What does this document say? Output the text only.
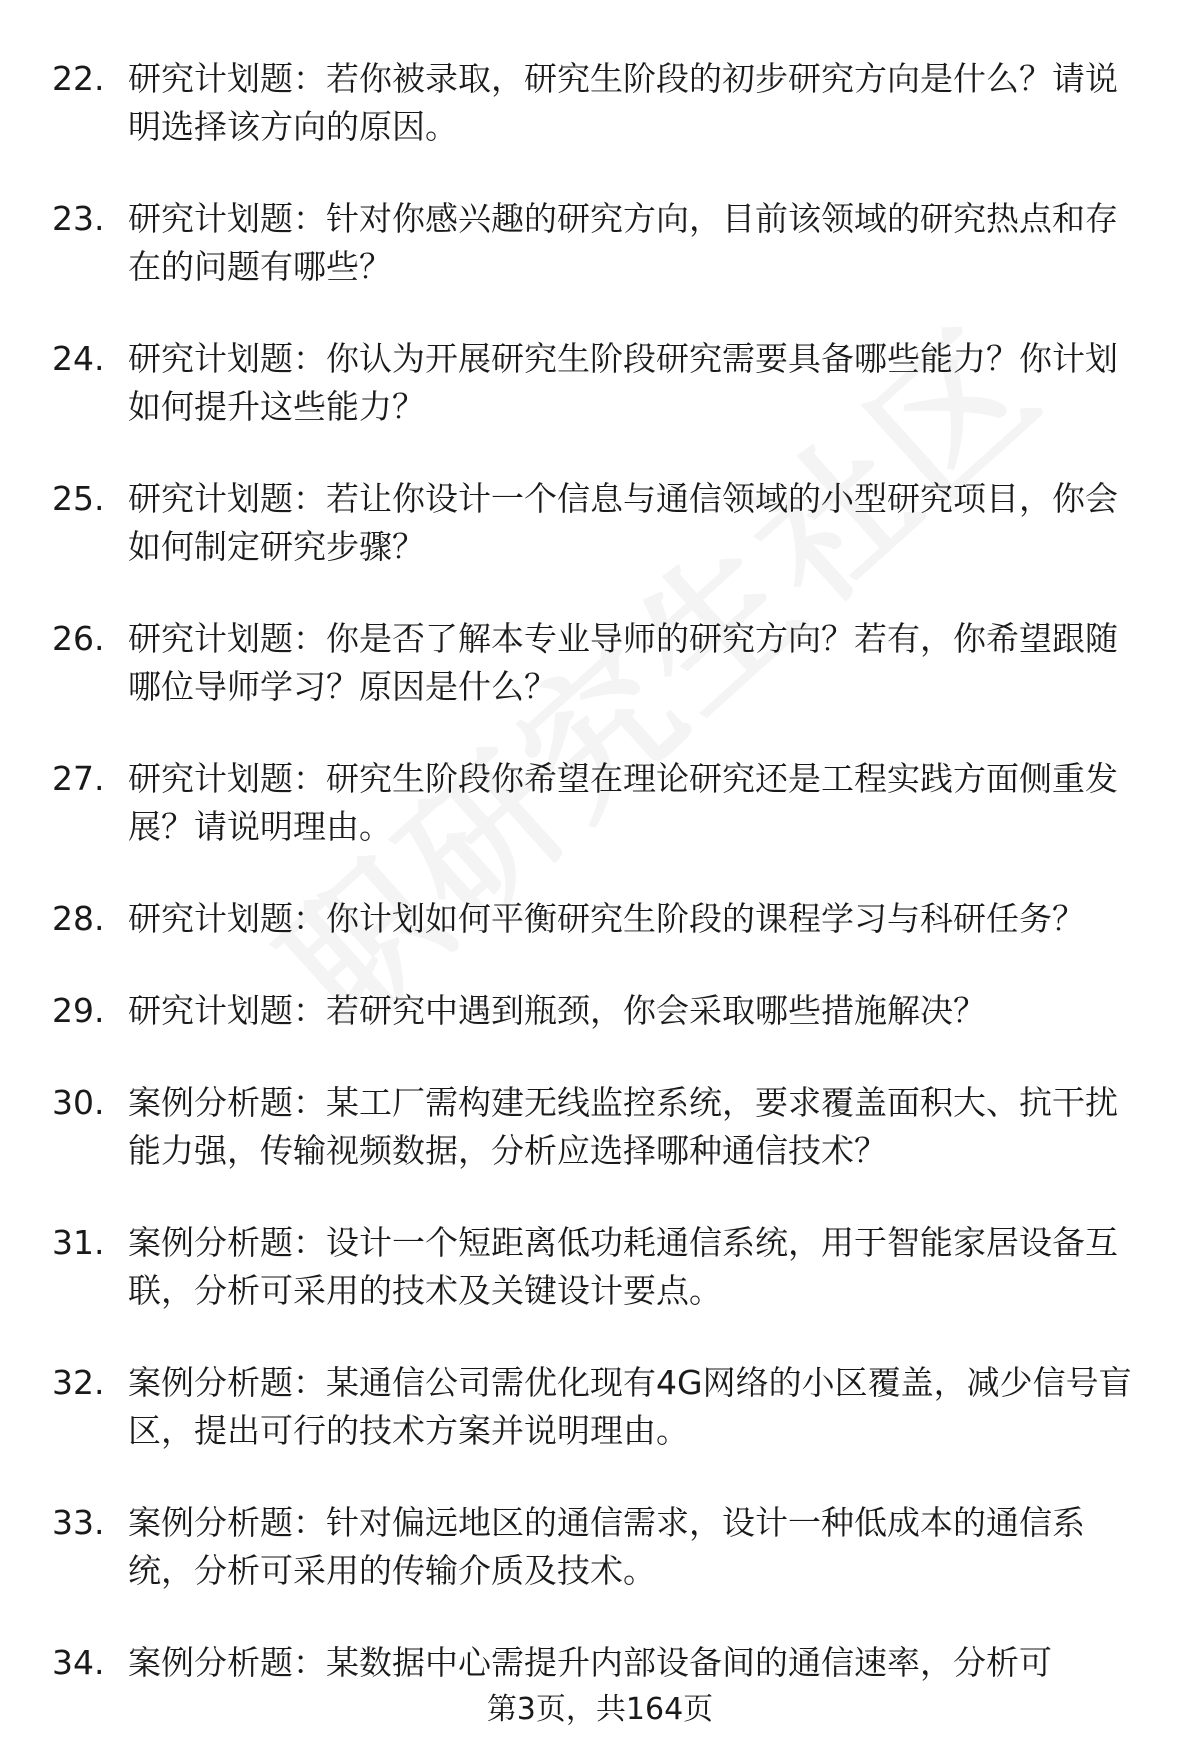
22. 研究计划题：若你被录取，研究生阶段的初步研究方向是什么？请说明选择该方向的原因。
23. 研究计划题：针对你感兴趣的研究方向，目前该领域的研究热点和存在的问题有哪些？
24. 研究计划题：你认为开展研究生阶段研究需要具备哪些能力？你计划如何提升这些能力？
25. 研究计划题：若让你设计一个信息与通信领域的小型研究项目，你会如何制定研究步骤？
26. 研究计划题：你是否了解本专业导师的研究方向？若有，你希望跟随哪位导师学习？原因是什么？
27. 研究计划题：研究生阶段你希望在理论研究还是工程实践方面侧重发展？请说明理由。
28. 研究计划题：你计划如何平衡研究生阶段的课程学习与科研任务？
29. 研究计划题：若研究中遇到瓶颈，你会采取哪些措施解决？
30. 案例分析题：某工厂需构建无线监控系统，要求覆盖面积大、抗干扰能力强，传输视频数据，分析应选择哪种通信技术？
31. 案例分析题：设计一个短距离低功耗通信系统，用于智能家居设备互联，分析可采用的技术及关键设计要点。
32. 案例分析题：某通信公司需优化现有4G网络的小区覆盖，减少信号盲区，提出可行的技术方案并说明理由。
33. 案例分析题：针对偏远地区的通信需求，设计一种低成本的通信系统，分析可采用的传输介质及技术。
34. 案例分析题：某数据中心需提升内部设备间的通信速率，分析可
第3页，共164页
